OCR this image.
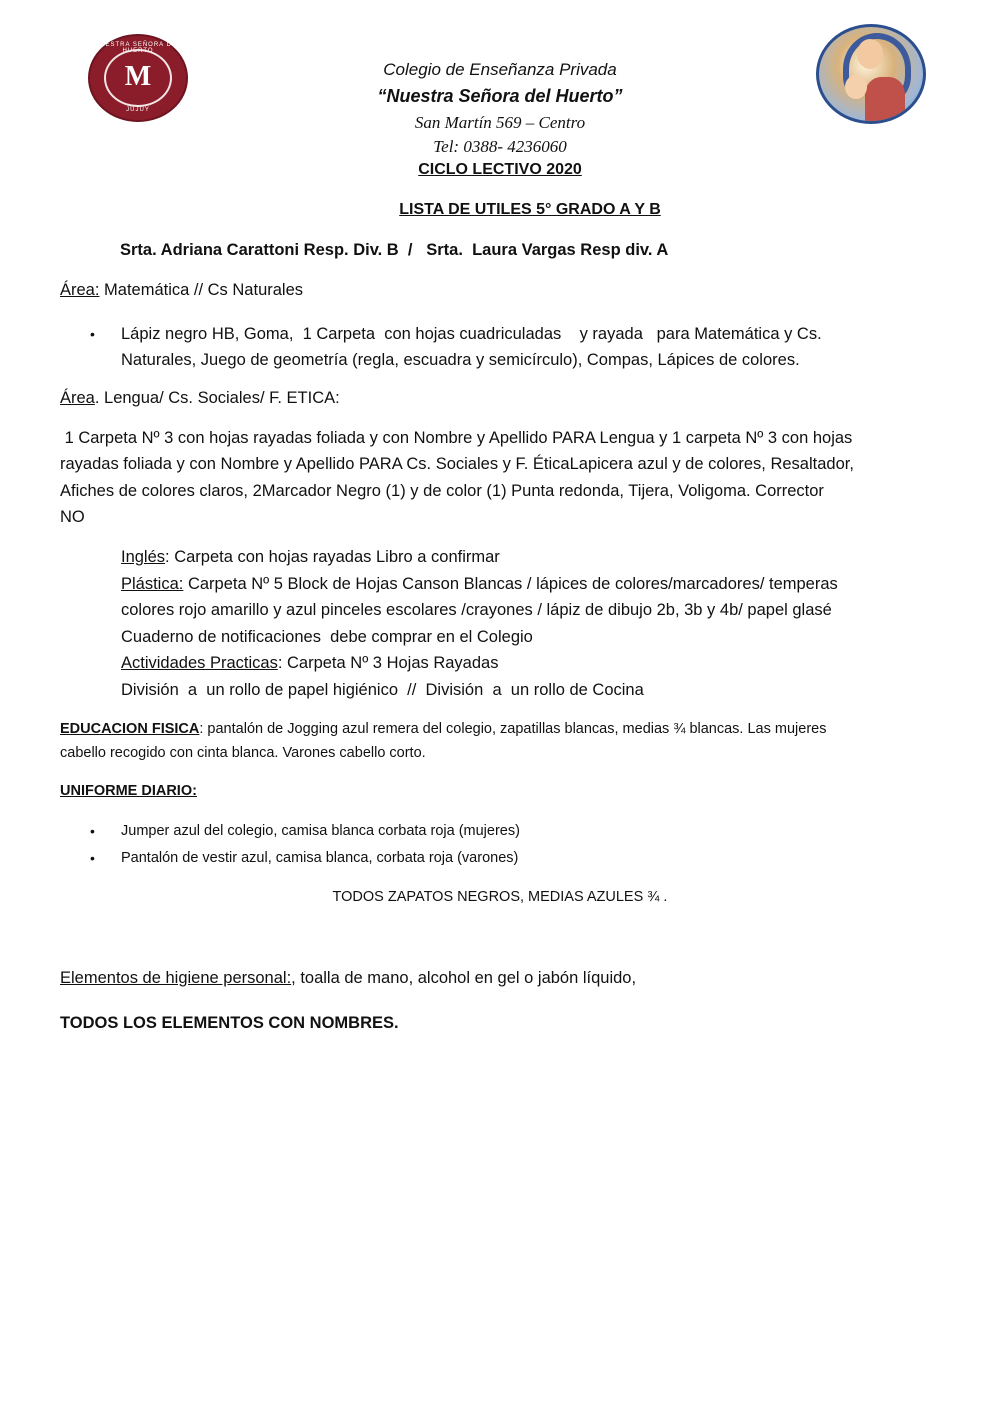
NUESTRA SEÑORA DEL HUERTO
M
JUJUY
Colegio de Enseñanza Privada
“Nuestra Señora del Huerto”
San Martín 569 – Centro
Tel: 0388- 4236060
CICLO LECTIVO 2020
LISTA DE UTILES 5° GRADO A Y B
Srta. Adriana Carattoni Resp. Div. B  /   Srta.  Laura Vargas Resp div. A
Área: Matemática // Cs Naturales
• Lápiz negro HB, Goma,  1 Carpeta  con hojas cuadriculadas    y rayada   para Matemática y Cs.
Naturales, Juego de geometría (regla, escuadra y semicírculo), Compas, Lápices de colores.
Área. Lengua/ Cs. Sociales/ F. ETICA:
1 Carpeta Nº 3 con hojas rayadas foliada y con Nombre y Apellido PARA Lengua y 1 carpeta Nº 3 con hojas
rayadas foliada y con Nombre y Apellido PARA Cs. Sociales y F. ÉticaLapicera azul y de colores, Resaltador,
Afiches de colores claros, 2Marcador Negro (1) y de color (1) Punta redonda, Tijera, Voligoma. Corrector
NO
Inglés: Carpeta con hojas rayadas Libro a confirmar
Plástica: Carpeta Nº 5 Block de Hojas Canson Blancas / lápices de colores/marcadores/ temperas
colores rojo amarillo y azul pinceles escolares /crayones / lápiz de dibujo 2b, 3b y 4b/ papel glasé
Cuaderno de notificaciones  debe comprar en el Colegio
Actividades Practicas: Carpeta Nº 3 Hojas Rayadas
División  a  un rollo de papel higiénico  //  División  a  un rollo de Cocina
EDUCACION FISICA: pantalón de Jogging azul remera del colegio, zapatillas blancas, medias ¾ blancas. Las mujeres
cabello recogido con cinta blanca. Varones cabello corto.
UNIFORME DIARIO:
• Jumper azul del colegio, camisa blanca corbata roja (mujeres)
• Pantalón de vestir azul, camisa blanca, corbata roja (varones)
TODOS ZAPATOS NEGROS, MEDIAS AZULES ¾ .
Elementos de higiene personal:, toalla de mano, alcohol en gel o jabón líquido,
TODOS LOS ELEMENTOS CON NOMBRES.
